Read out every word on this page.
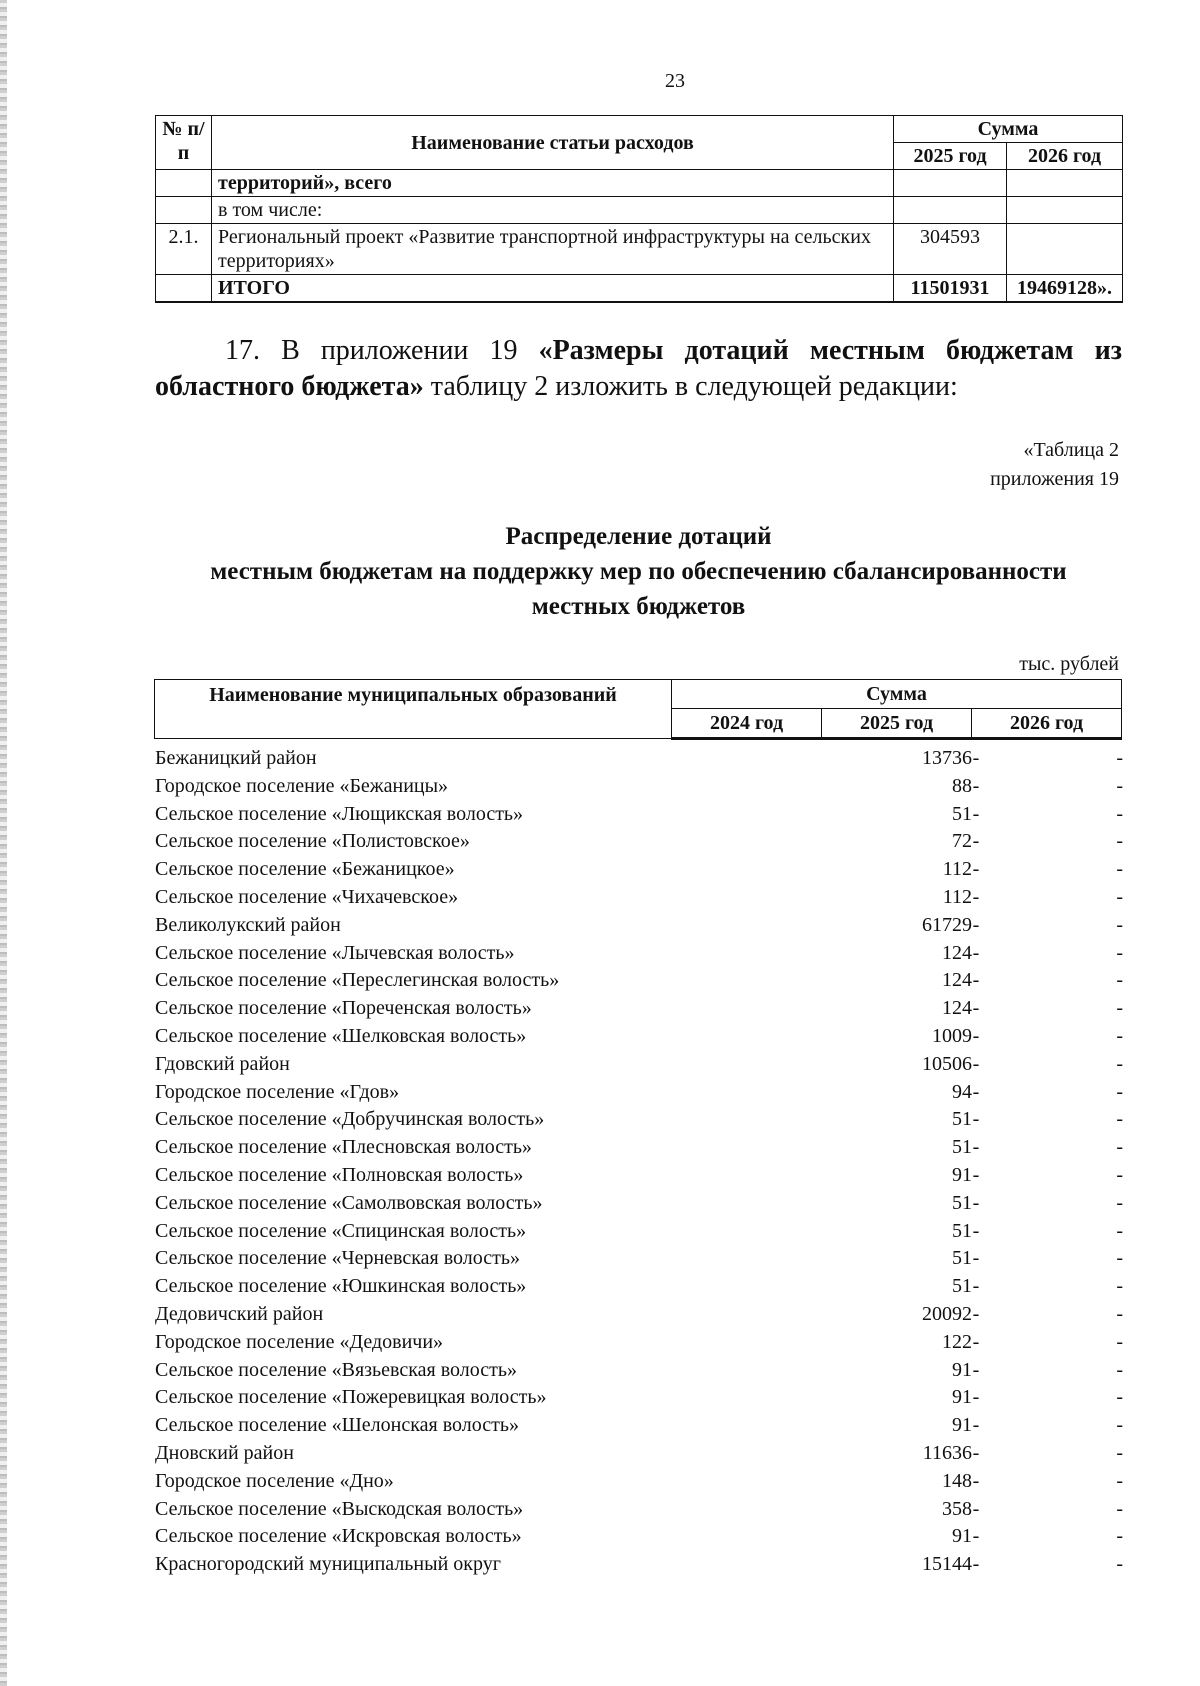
23
№ п/п	Наименование статьи расходов	Сумма	
		2025 год	2026 год
	территорий», всего		
	в том числе:		
2.1.	Региональный проект «Развитие транспортной инфраструктуры на сельских территориях»	304593	
	ИТОГО	11501931	19469128».
17. В приложении 19 «Размеры дотаций местным бюджетам из областного бюджета» таблицу 2 изложить в следующей редакции:
«Таблица 2
приложения 19
Распределение дотаций
местным бюджетам на поддержку мер по обеспечению сбалансированности
местных бюджетов
тыс. рублей
Наименование муниципальных образований	Сумма		
	2024 год	2025 год	2026 год
Бежаницкий район	13736 -	-
Городское поселение «Бежаницы»	88 -	-
Сельское поселение «Лющикская волость»	51 -	-
Сельское поселение «Полистовское»	72 -	-
Сельское поселение «Бежаницкое»	112 -	-
Сельское поселение «Чихачевское»	112 -	-
Великолукский район	61729 -	-
Сельское поселение «Лычевская волость»	124 -	-
Сельское поселение «Переслегинская волость»	124 -	-
Сельское поселение «Пореченская волость»	124 -	-
Сельское поселение «Шелковская волость»	1009 -	-
Гдовский район	10506 -	-
Городское поселение «Гдов»	94 -	-
Сельское поселение «Добручинская волость»	51 -	-
Сельское поселение «Плесновская волость»	51 -	-
Сельское поселение «Полновская волость»	91 -	-
Сельское поселение «Самолвовская волость»	51 -	-
Сельское поселение «Спицинская волость»	51 -	-
Сельское поселение «Черневская волость»	51 -	-
Сельское поселение «Юшкинская волость»	51 -	-
Дедовичский район	20092 -	-
Городское поселение «Дедовичи»	122 -	-
Сельское поселение «Вязьевская волость»	91 -	-
Сельское поселение «Пожеревицкая волость»	91 -	-
Сельское поселение «Шелонская волость»	91 -	-
Дновский район	11636 -	-
Городское поселение «Дно»	148 -	-
Сельское поселение «Выскодская волость»	358 -	-
Сельское поселение «Искровская волость»	91 -	-
Красногородский муниципальный округ	15144 -	-
